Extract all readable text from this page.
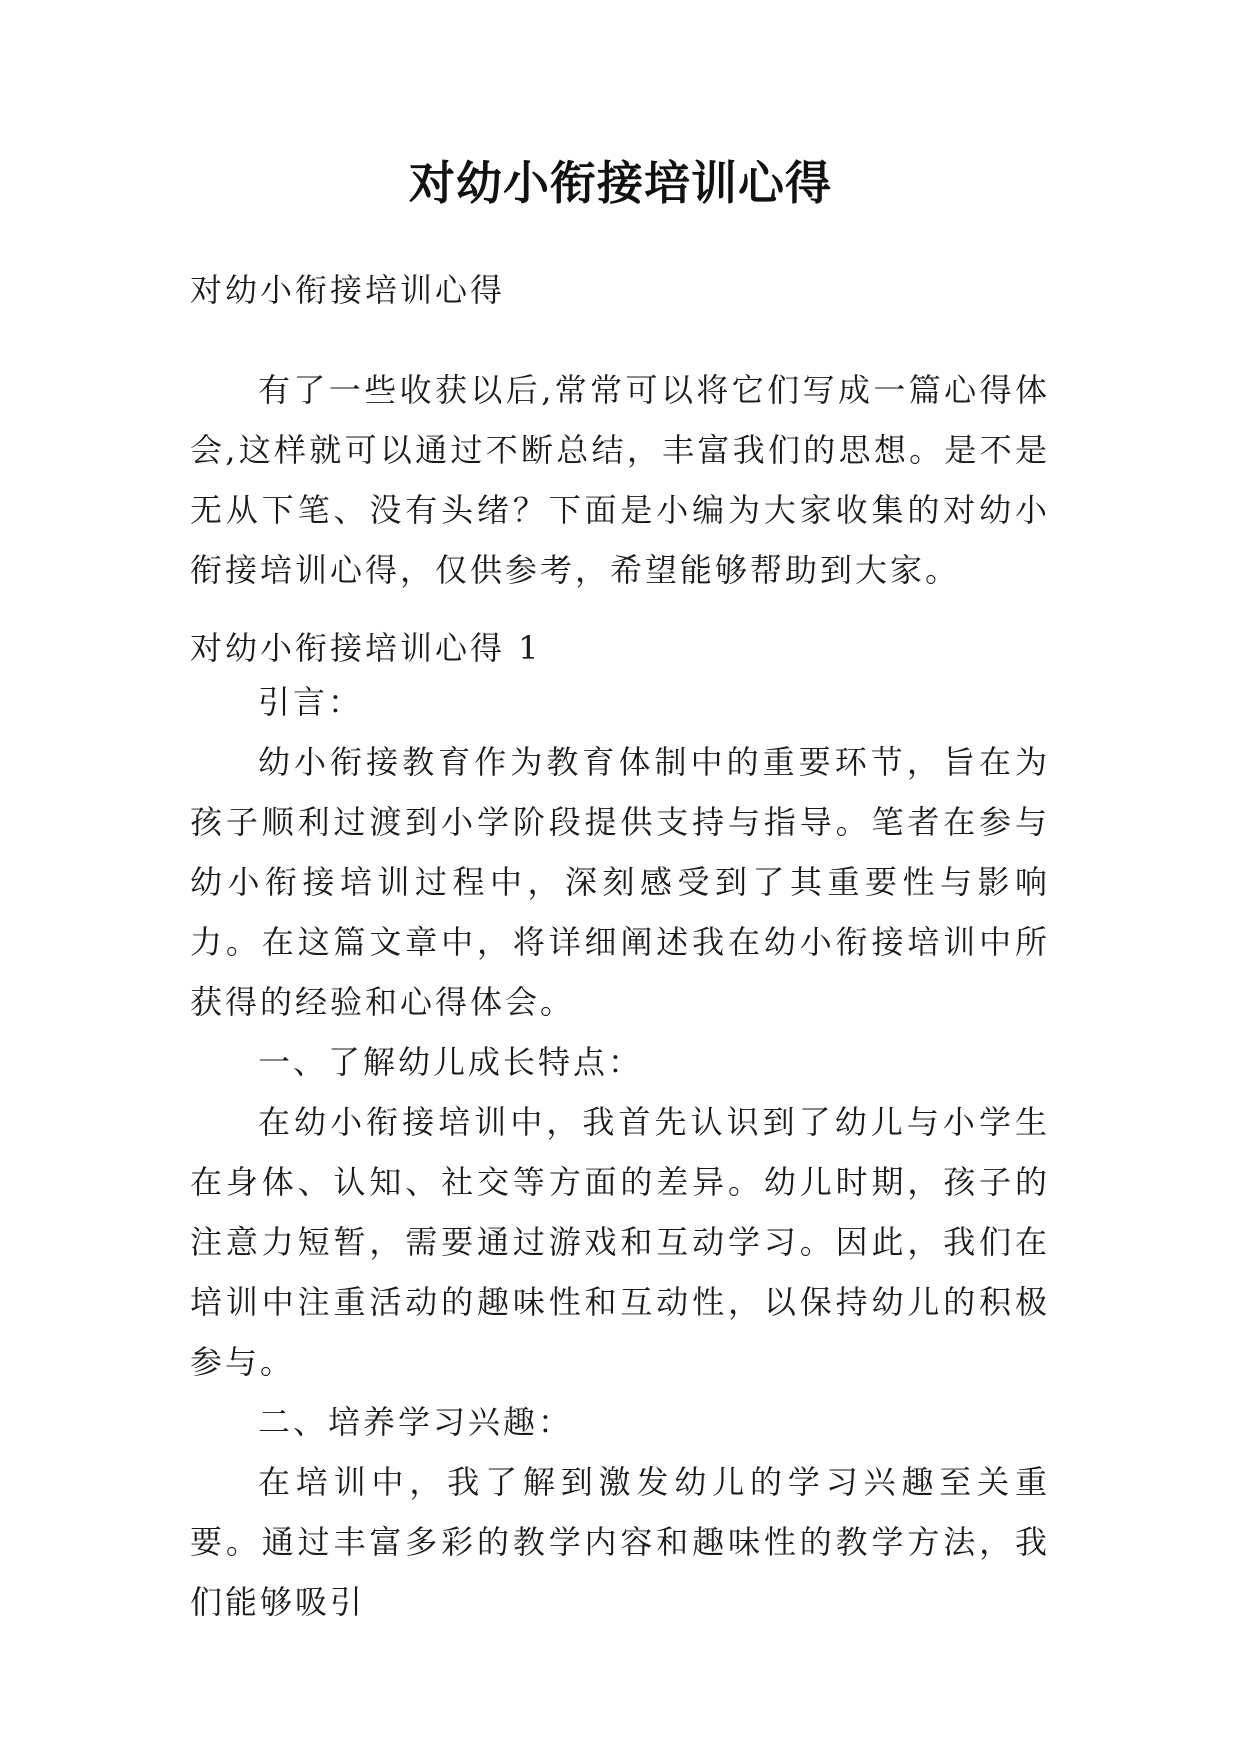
对幼小衔接培训心得

对幼小衔接培训心得

有了一些收获以后,常常可以将它们写成一篇心得体会,这样就可以通过不断总结，丰富我们的思想。是不是无从下笔、没有头绪？下面是小编为大家收集的对幼小衔接培训心得，仅供参考，希望能够帮助到大家。

对幼小衔接培训心得 1

引言：

幼小衔接教育作为教育体制中的重要环节，旨在为孩子顺利过渡到小学阶段提供支持与指导。笔者在参与幼小衔接培训过程中，深刻感受到了其重要性与影响力。在这篇文章中，将详细阐述我在幼小衔接培训中所获得的经验和心得体会。

一、了解幼儿成长特点：

在幼小衔接培训中，我首先认识到了幼儿与小学生在身体、认知、社交等方面的差异。幼儿时期，孩子的注意力短暂，需要通过游戏和互动学习。因此，我们在培训中注重活动的趣味性和互动性，以保持幼儿的积极参与。

二、培养学习兴趣：

在培训中，我了解到激发幼儿的学习兴趣至关重要。通过丰富多彩的教学内容和趣味性的教学方法，我们能够吸引
